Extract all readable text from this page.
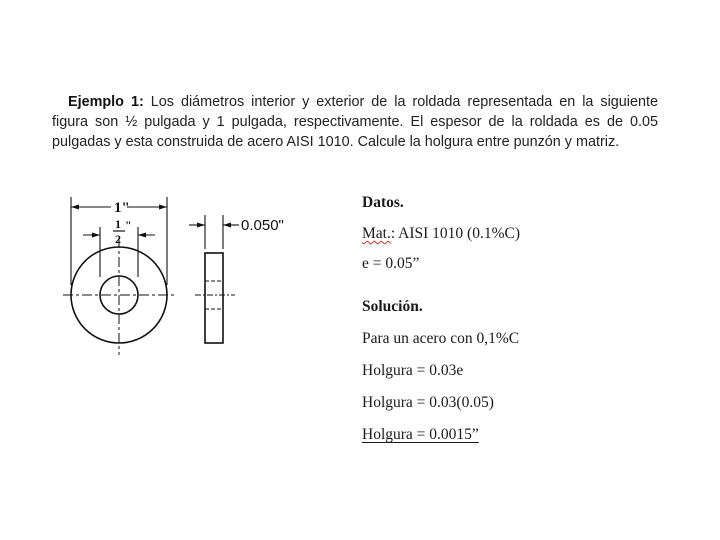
Ejemplo 1: Los diámetros interior y exterior de la roldada representada en la siguiente figura son ½ pulgada y 1 pulgada, respectivamente. El espesor de la roldada es de 0.05 pulgadas y esta construida de acero AISI 1010. Calcule la holgura entre punzón y matriz.
1"
1
2
"	0.050"
Datos.
Mat.: AISI 1010 (0.1%C)
e = 0.05”
Solución.
Para un acero con 0,1%C
Holgura = 0.03e
Holgura = 0.03(0.05)
Holgura = 0.0015”
